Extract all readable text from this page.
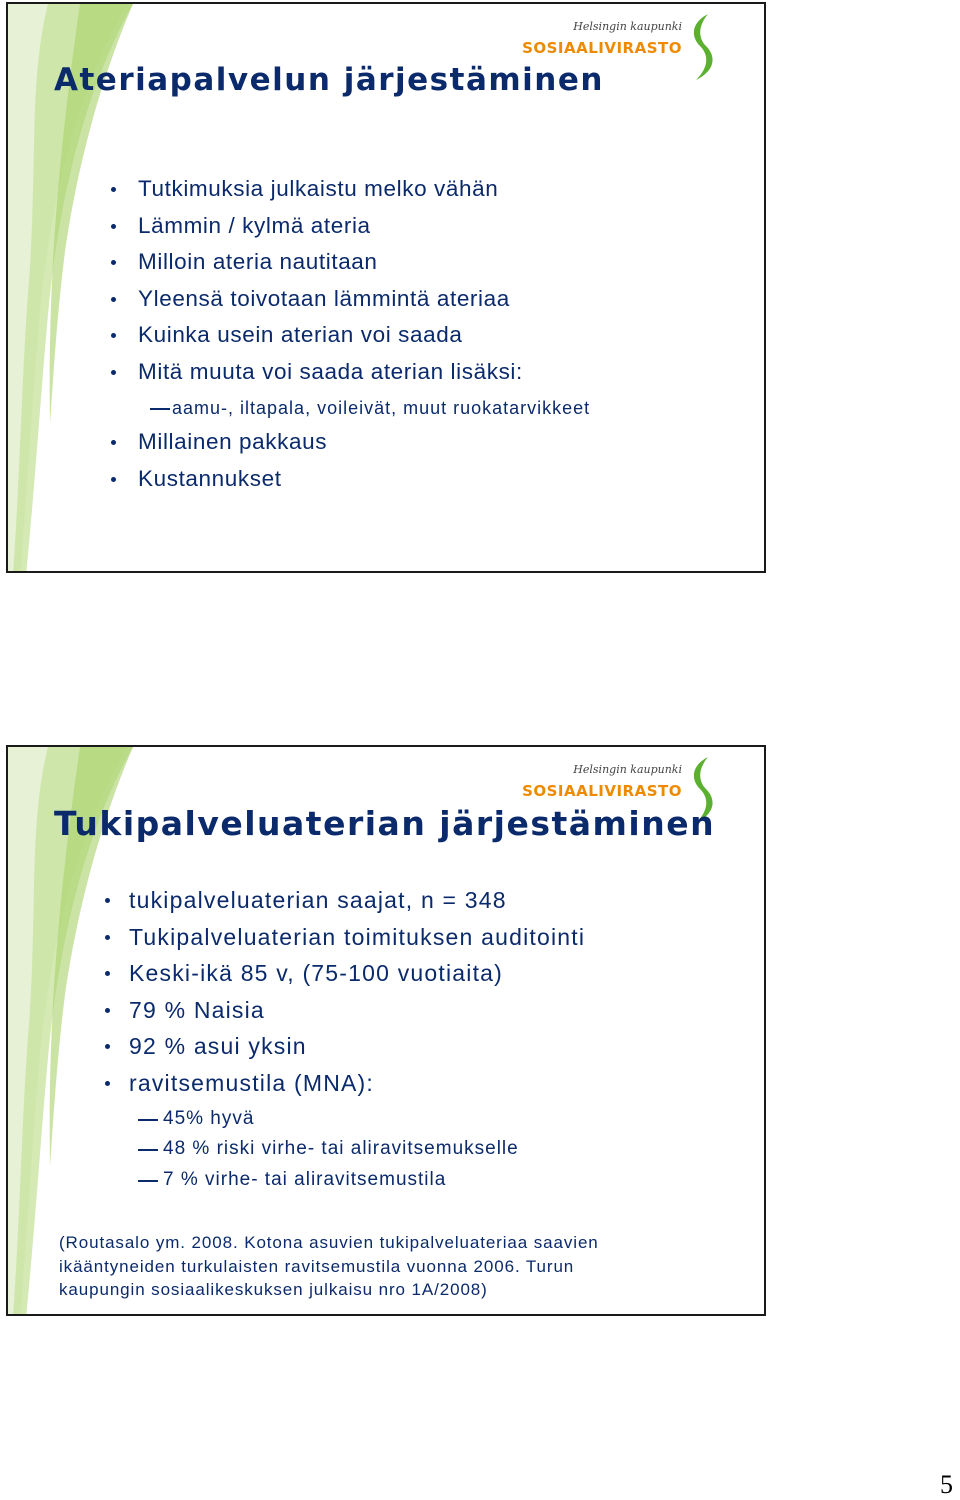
Helsingin kaupunki
SOSIAALIVIRASTO
Ateriapalvelun järjestäminen
Tutkimuksia julkaistu melko vähän
Lämmin / kylmä ateria
Milloin ateria nautitaan
Yleensä toivotaan lämmintä ateriaa
Kuinka usein aterian voi saada
Mitä muuta voi saada aterian lisäksi:
aamu-, iltapala, voileivät, muut ruokatarvikkeet
Millainen pakkaus
Kustannukset
Helsingin kaupunki
SOSIAALIVIRASTO
Tukipalveluaterian järjestäminen
tukipalveluaterian saajat, n = 348
Tukipalveluaterian toimituksen auditointi
Keski-ikä 85 v, (75-100 vuotiaita)
79 % Naisia
92 % asui yksin
ravitsemustila (MNA):
45% hyvä
48 % riski virhe- tai aliravitsemukselle
7 % virhe- tai aliravitsemustila
(Routasalo ym. 2008. Kotona asuvien tukipalveluateriaa saavien
ikääntyneiden turkulaisten ravitsemustila vuonna 2006. Turun
kaupungin sosiaalikeskuksen julkaisu nro 1A/2008)
5
